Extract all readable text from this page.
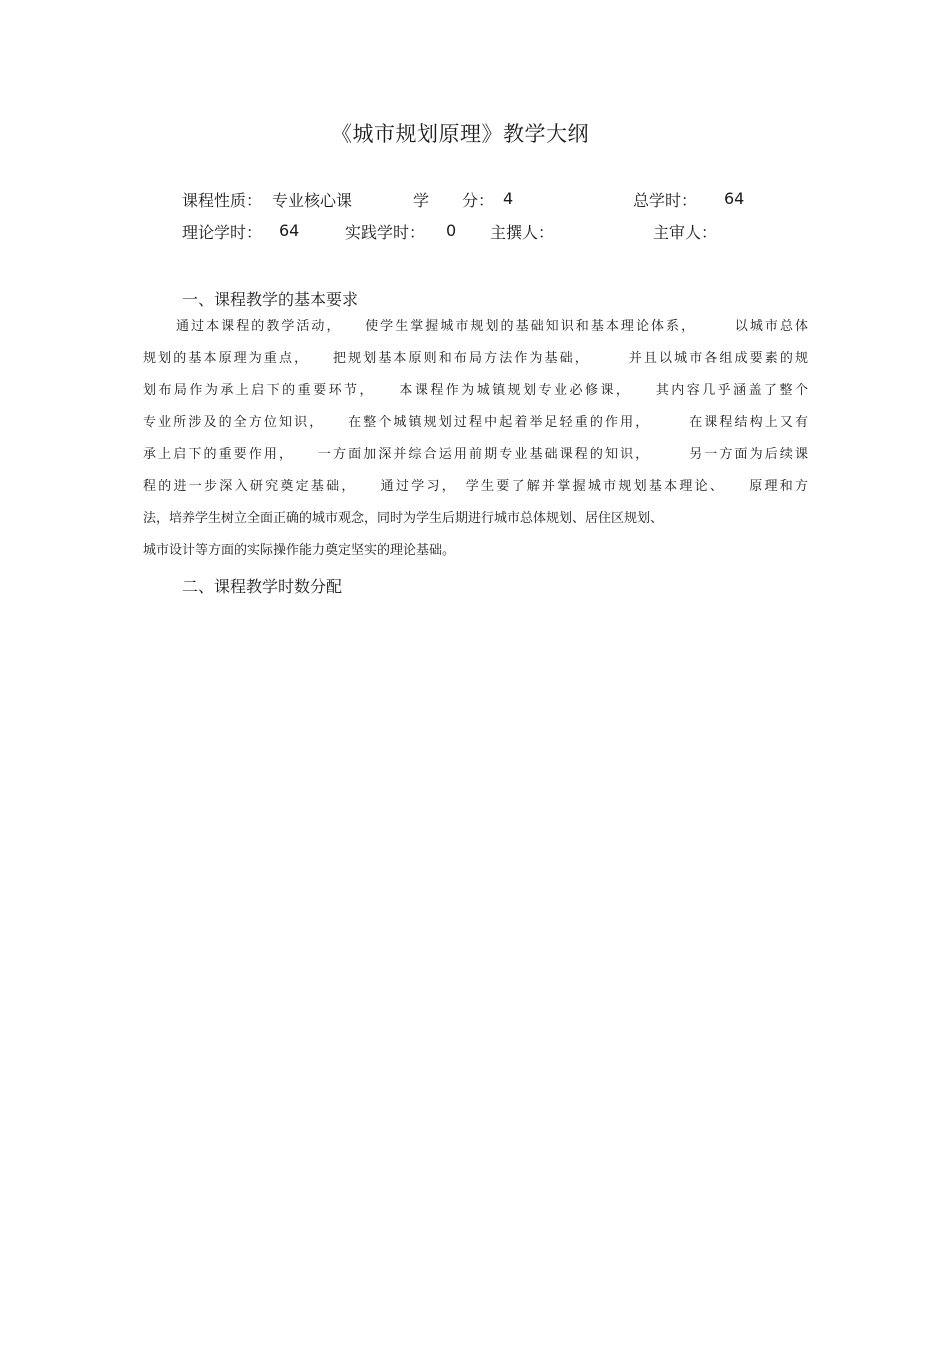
《城市规划原理》教学大纲
课程性质： 专业核心课	学 分： 4	总学时： 64
理论学时： 64	实践学时： 0 主撰人：	主审人：
一、课程教学的基本要求
通过本课程的教学活动，　　使学生掌握城市规划的基础知识和基本理论体系，　　　以城市总体
规划的基本原理为重点，　　把规划基本原则和布局方法作为基础，　　　并且以城市各组成要素的规
划布局作为承上启下的重要环节，　　本课程作为城镇规划专业必修课，　　其内容几乎涵盖了整个
专业所涉及的全方位知识，　　在整个城镇规划过程中起着举足轻重的作用，　　　在课程结构上又有
承上启下的重要作用，　　一方面加深并综合运用前期专业基础课程的知识，　　　另一方面为后续课
程的进一步深入研究奠定基础，　　通过学习，　学生要了解并掌握城市规划基本理论、　　原理和方
法，培养学生树立全面正确的城市观念，同时为学生后期进行城市总体规划、居住区规划、
城市设计等方面的实际操作能力奠定坚实的理论基础。
二、课程教学时数分配
